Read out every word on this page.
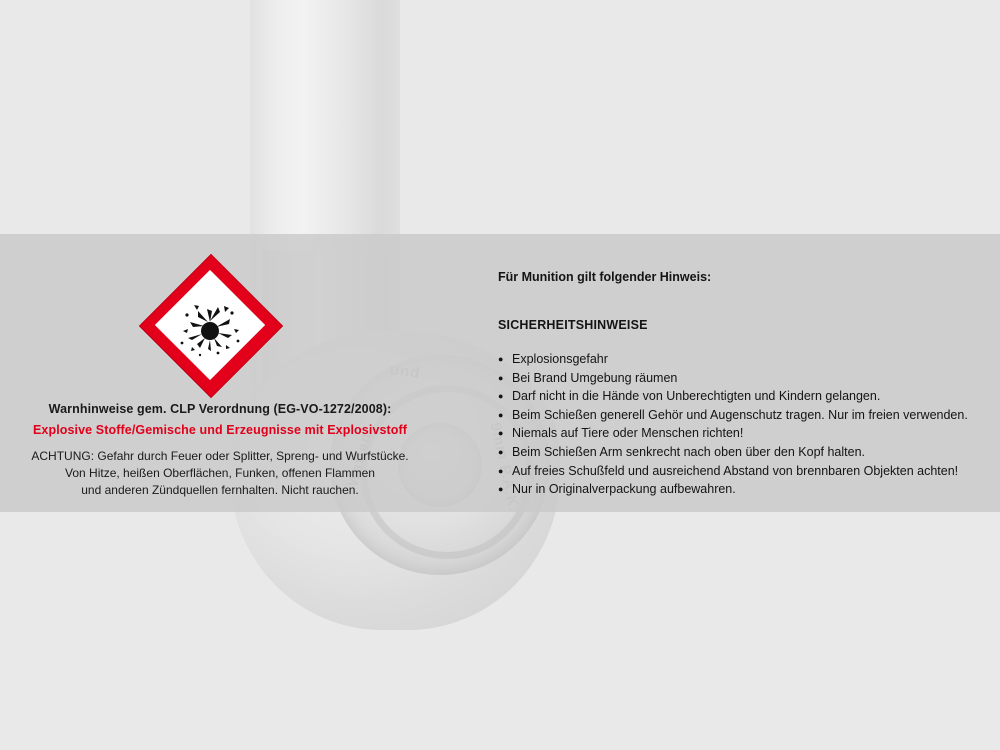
Warnhinweise gem. CLP Verordnung (EG-VO-1272/2008):
Explosive Stoffe/Gemische und Erzeugnisse mit Explosivstoff
ACHTUNG: Gefahr durch Feuer oder Splitter, Spreng- und Wurfstücke.
Von Hitze, heißen Oberflächen, Funken, offenen Flammen
und anderen Zündquellen fernhalten. Nicht rauchen.
Für Munition gilt folgender Hinweis:
SICHERHEITSHINWEISE
● Explosionsgefahr
● Bei Brand Umgebung räumen
● Darf nicht in die Hände von Unberechtigten und Kindern gelangen.
● Beim Schießen generell Gehör und Augenschutz tragen. Nur im freien verwenden.
● Niemals auf Tiere oder Menschen richten!
● Beim Schießen Arm senkrecht nach oben über den Kopf halten.
● Auf freies Schußfeld und ausreichend Abstand von brennbaren Objekten achten!
● Nur in Originalverpackung aufbewahren.
